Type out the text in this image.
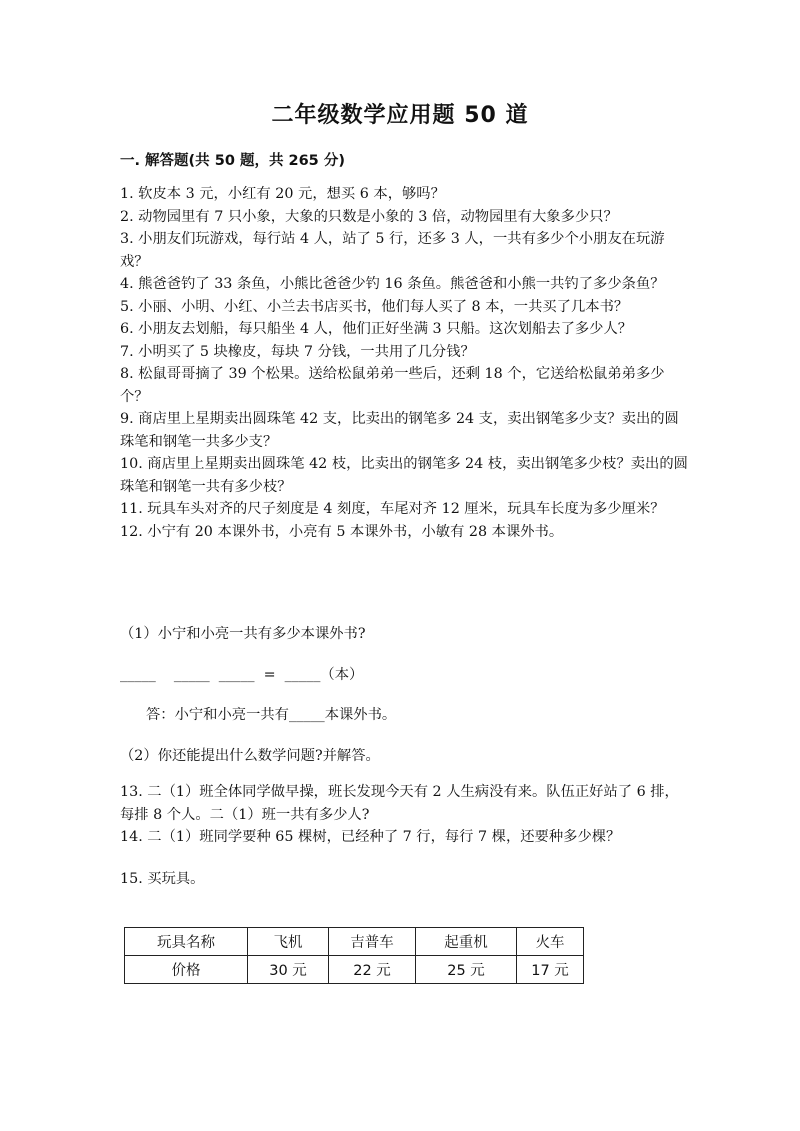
二年级数学应用题 50 道
一. 解答题(共 50 题，共 265 分)

1. 软皮本 3 元，小红有 20 元，想买 6 本，够吗？

2. 动物园里有 7 只小象，大象的只数是小象的 3 倍，动物园里有大象多少只？

3. 小朋友们玩游戏，每行站 4 人，站了 5 行，还多 3 人，一共有多少个小朋友在玩游戏？

4. 熊爸爸钓了 33 条鱼，小熊比爸爸少钓 16 条鱼。熊爸爸和小熊一共钓了多少条鱼？

5. 小丽、小明、小红、小兰去书店买书，他们每人买了 8 本，一共买了几本书？

6. 小朋友去划船，每只船坐 4 人，他们正好坐满 3 只船。这次划船去了多少人？

7. 小明买了 5 块橡皮，每块 7 分钱，一共用了几分钱？

8. 松鼠哥哥摘了 39 个松果。送给松鼠弟弟一些后，还剩 18 个，它送给松鼠弟弟多少个？

9. 商店里上星期卖出圆珠笔 42 支，比卖出的钢笔多 24 支，卖出钢笔多少支？卖出的圆珠笔和钢笔一共多少支？

10. 商店里上星期卖出圆珠笔 42 枝，比卖出的钢笔多 24 枝，卖出钢笔多少枝？卖出的圆珠笔和钢笔一共有多少枝？

11. 玩具车头对齐的尺子刻度是 4 刻度，车尾对齐 12 厘米，玩具车长度为多少厘米？

12. 小宁有 20 本课外书，小亮有 5 本课外书，小敏有 28 本课外书。

（1）小宁和小亮一共有多少本课外书?

_____    _____  _____  =  _____（本）

答：小宁和小亮一共有_____本课外书。

（2）你还能提出什么数学问题?并解答。

13. 二（1）班全体同学做早操，班长发现今天有 2 人生病没有来。队伍正好站了 6 排，每排 8 个人。二（1）班一共有多少人?

14. 二（1）班同学要种 65 棵树，已经种了 7 行，每行 7 棵，还要种多少棵？

15. 买玩具。

玩具名称	飞机	吉普车	起重机	火车
价格	30 元	22 元	25 元	17 元
